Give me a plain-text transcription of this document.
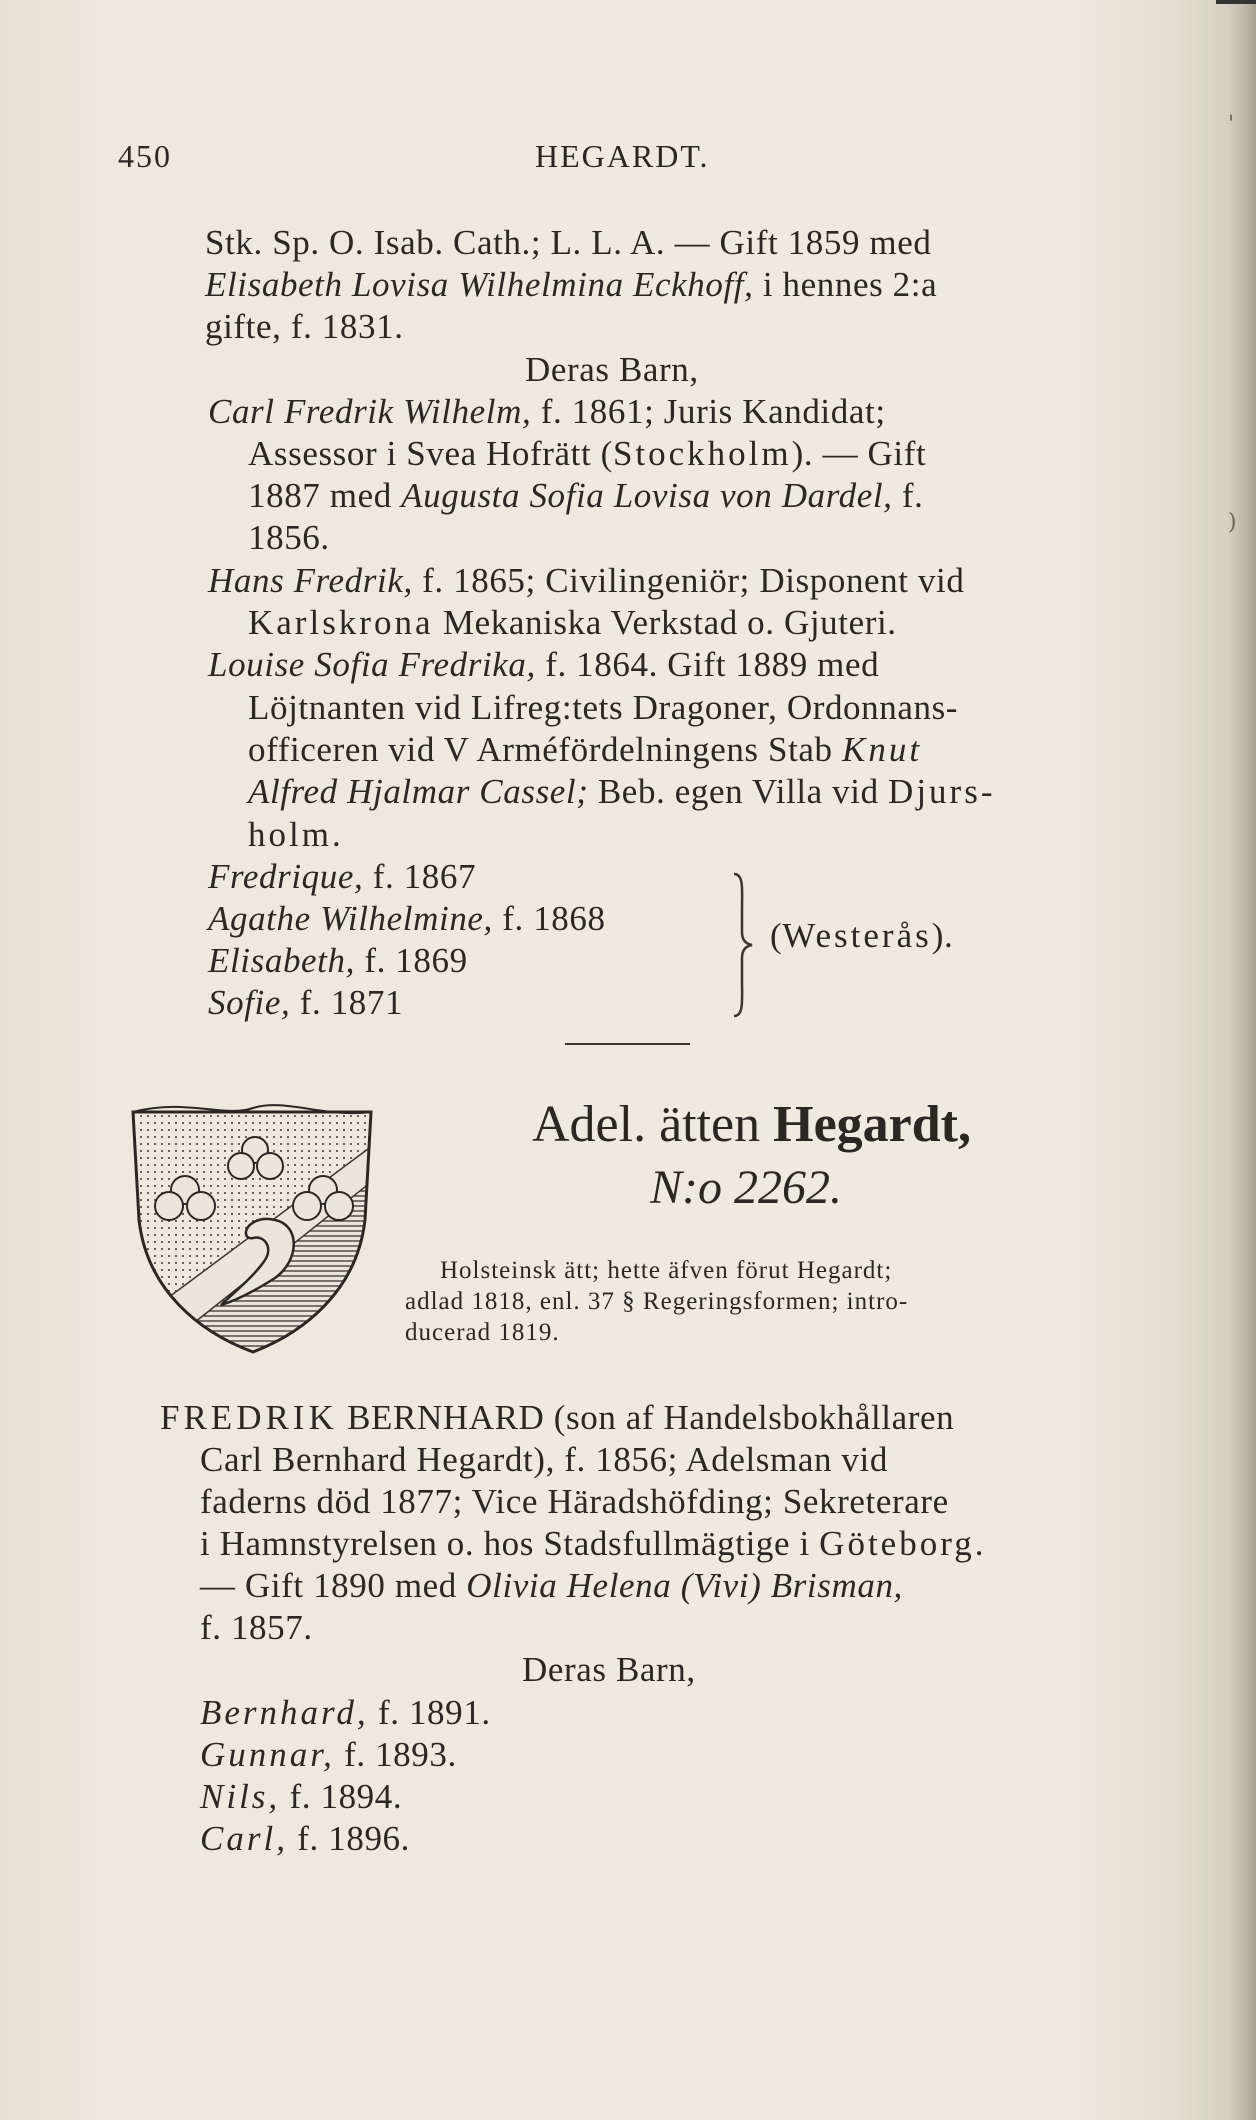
'
)
450	HEGARDT.
Stk. Sp. O. Isab. Cath.; L. L. A. — Gift 1859 med
Elisabeth Lovisa Wilhelmina Eckhoff, i hennes 2:a
gifte, f. 1831.
Deras Barn,
Carl Fredrik Wilhelm, f. 1861; Juris Kandidat;
Assessor i Svea Hofrätt (Stockholm). — Gift
1887 med Augusta Sofia Lovisa von Dardel, f.
1856.
Hans Fredrik, f. 1865; Civilingeniör; Disponent vid
Karlskrona Mekaniska Verkstad o. Gjuteri.
Louise Sofia Fredrika, f. 1864. Gift 1889 med
Löjtnanten vid Lifreg:tets Dragoner, Ordonnans-
officeren vid V Arméfördelningens Stab Knut
Alfred Hjalmar Cassel; Beb. egen Villa vid Djurs-
holm.
Fredrique, f. 1867
Agathe Wilhelmine, f. 1868
Elisabeth, f. 1869
Sofie, f. 1871
(Westerås).
Adel. ätten Hegardt,
N:o 2262.
Holsteinsk ätt; hette äfven förut Hegardt;
adlad 1818, enl. 37 § Regeringsformen; intro-
ducerad 1819.
FREDRIK BERNHARD (son af Handelsbokhållaren
Carl Bernhard Hegardt), f. 1856; Adelsman vid
faderns död 1877; Vice Häradshöfding; Sekreterare
i Hamnstyrelsen o. hos Stadsfullmägtige i Göteborg.
— Gift 1890 med Olivia Helena (Vivi) Brisman,
f. 1857.
Deras Barn,
Bernhard, f. 1891.
Gunnar, f. 1893.
Nils, f. 1894.
Carl, f. 1896.
